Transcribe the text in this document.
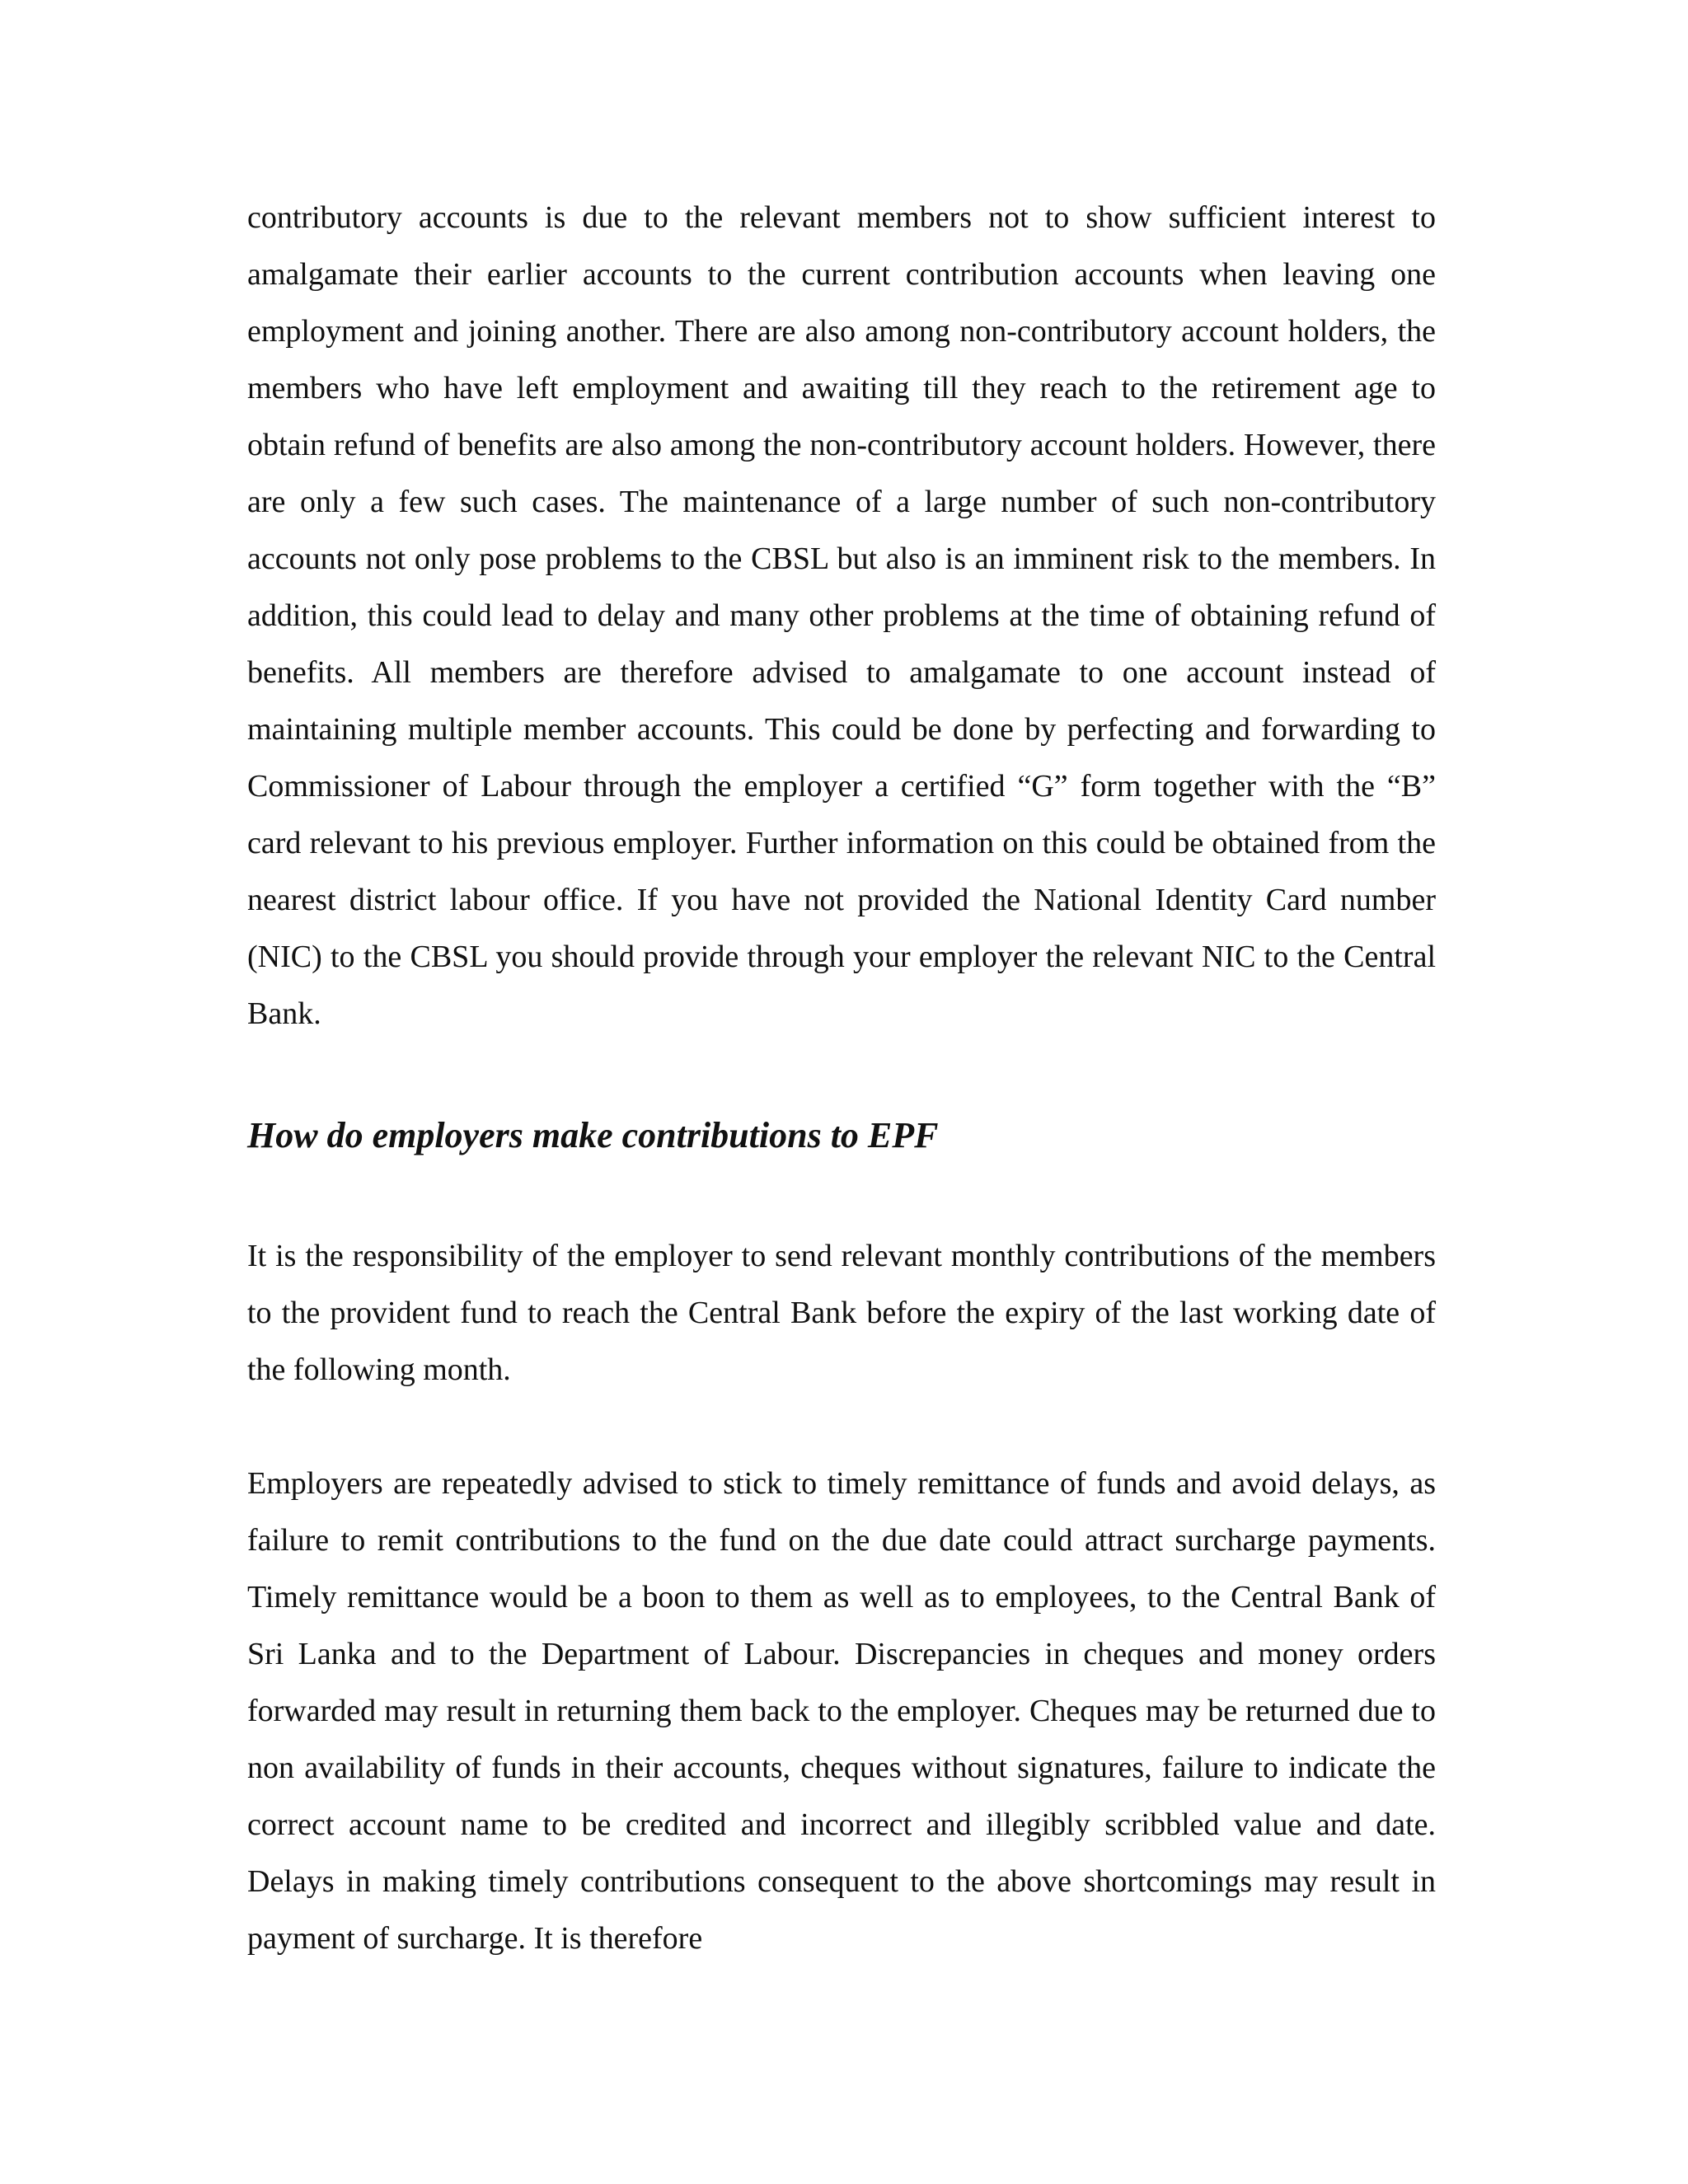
contributory accounts is due to the relevant members not to show sufficient interest to amalgamate their earlier accounts to the current contribution accounts when leaving one employment and joining another. There are also among non-contributory account holders, the members who have left employment and awaiting till they reach to the retirement age to obtain refund of benefits are also among the non-contributory account holders. However, there are only a few such cases. The maintenance of a large number of such non-contributory accounts not only pose problems to the CBSL but also is an imminent risk to the members. In addition, this could lead to delay and many other problems at the time of obtaining refund of benefits. All members are therefore advised to amalgamate to one account instead of maintaining multiple member accounts. This could be done by perfecting and forwarding to Commissioner of Labour through the employer a certified “G” form together with the “B” card relevant to his previous employer. Further information on this could be obtained from the nearest district labour office. If you have not provided the National Identity Card number (NIC) to the CBSL you should provide through your employer the relevant NIC to the Central Bank.

How do employers make contributions to EPF

It is the responsibility of the employer to send relevant monthly contributions of the members to the provident fund to reach the Central Bank before the expiry of the last working date of the following month.

Employers are repeatedly advised to stick to timely remittance of funds and avoid delays, as failure to remit contributions to the fund on the due date could attract surcharge payments. Timely remittance would be a boon to them as well as to employees, to the Central Bank of Sri Lanka and to the Department of Labour. Discrepancies in cheques and money orders forwarded may result in returning them back to the employer. Cheques may be returned due to non availability of funds in their accounts, cheques without signatures, failure to indicate the correct account name to be credited and incorrect and illegibly scribbled value and date. Delays in making timely contributions consequent to the above shortcomings may result in payment of surcharge. It is therefore
